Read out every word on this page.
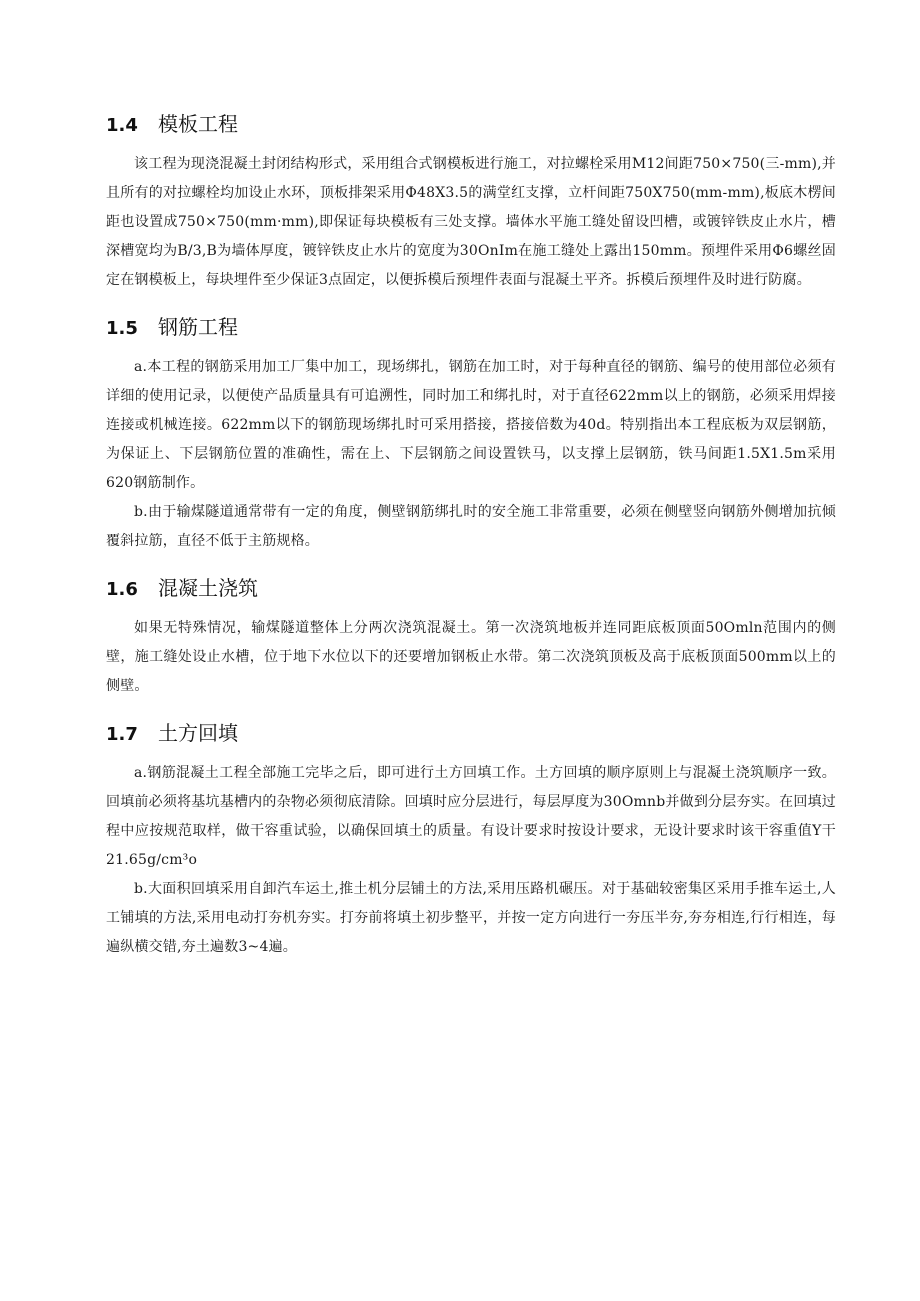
1.4	模板工程

该工程为现浇混凝土封闭结构形式，采用组合式钢模板进行施工，对拉螺栓采用M12间距750×750(三-mm),并且所有的对拉螺栓均加设止水环，顶板排架采用Φ48X3.5的满堂红支撑，立杆间距750X750(mm-mm),板底木楞间距也设置成750×750(mm·mm),即保证每块模板有三处支撑。墙体水平施工缝处留设凹槽，或镀锌铁皮止水片，槽深槽宽均为B/3,B为墙体厚度，镀锌铁皮止水片的宽度为30OnIm在施工缝处上露出150mm。预埋件采用Φ6螺丝固定在钢模板上，每块埋件至少保证3点固定，以便拆模后预埋件表面与混凝土平齐。拆模后预埋件及时进行防腐。

1.5	钢筋工程

a.本工程的钢筋采用加工厂集中加工，现场绑扎，钢筋在加工时，对于每种直径的钢筋、编号的使用部位必须有详细的使用记录，以便使产品质量具有可追溯性，同时加工和绑扎时，对于直径622mm以上的钢筋，必须采用焊接连接或机械连接。622mm以下的钢筋现场绑扎时可采用搭接，搭接倍数为40d。特别指出本工程底板为双层钢筋，为保证上、下层钢筋位置的准确性，需在上、下层钢筋之间设置铁马，以支撑上层钢筋，铁马间距1.5X1.5m采用620钢筋制作。

b.由于输煤隧道通常带有一定的角度，侧壁钢筋绑扎时的安全施工非常重要，必须在侧壁竖向钢筋外侧增加抗倾覆斜拉筋，直径不低于主筋规格。

1.6	混凝土浇筑

如果无特殊情况，输煤隧道整体上分两次浇筑混凝土。第一次浇筑地板并连同距底板顶面50Omln范围内的侧壁，施工缝处设止水槽，位于地下水位以下的还要增加钢板止水带。第二次浇筑顶板及高于底板顶面500mm以上的侧壁。

1.7	土方回填

a.钢筋混凝土工程全部施工完毕之后，即可进行土方回填工作。土方回填的顺序原则上与混凝土浇筑顺序一致。回填前必须将基坑基槽内的杂物必须彻底清除。回填时应分层进行，每层厚度为30Omnb并做到分层夯实。在回填过程中应按规范取样，做干容重试验，以确保回填土的质量。有设计要求时按设计要求，无设计要求时该干容重值Y干21.65g∕cm³o

b.大面积回填采用自卸汽车运土,推土机分层铺土的方法,采用压路机碾压。对于基础较密集区采用手推车运土,人工铺填的方法,采用电动打夯机夯实。打夯前将填土初步整平，并按一定方向进行一夯压半夯,夯夯相连,行行相连，每遍纵横交错,夯土遍数3~4遍。
